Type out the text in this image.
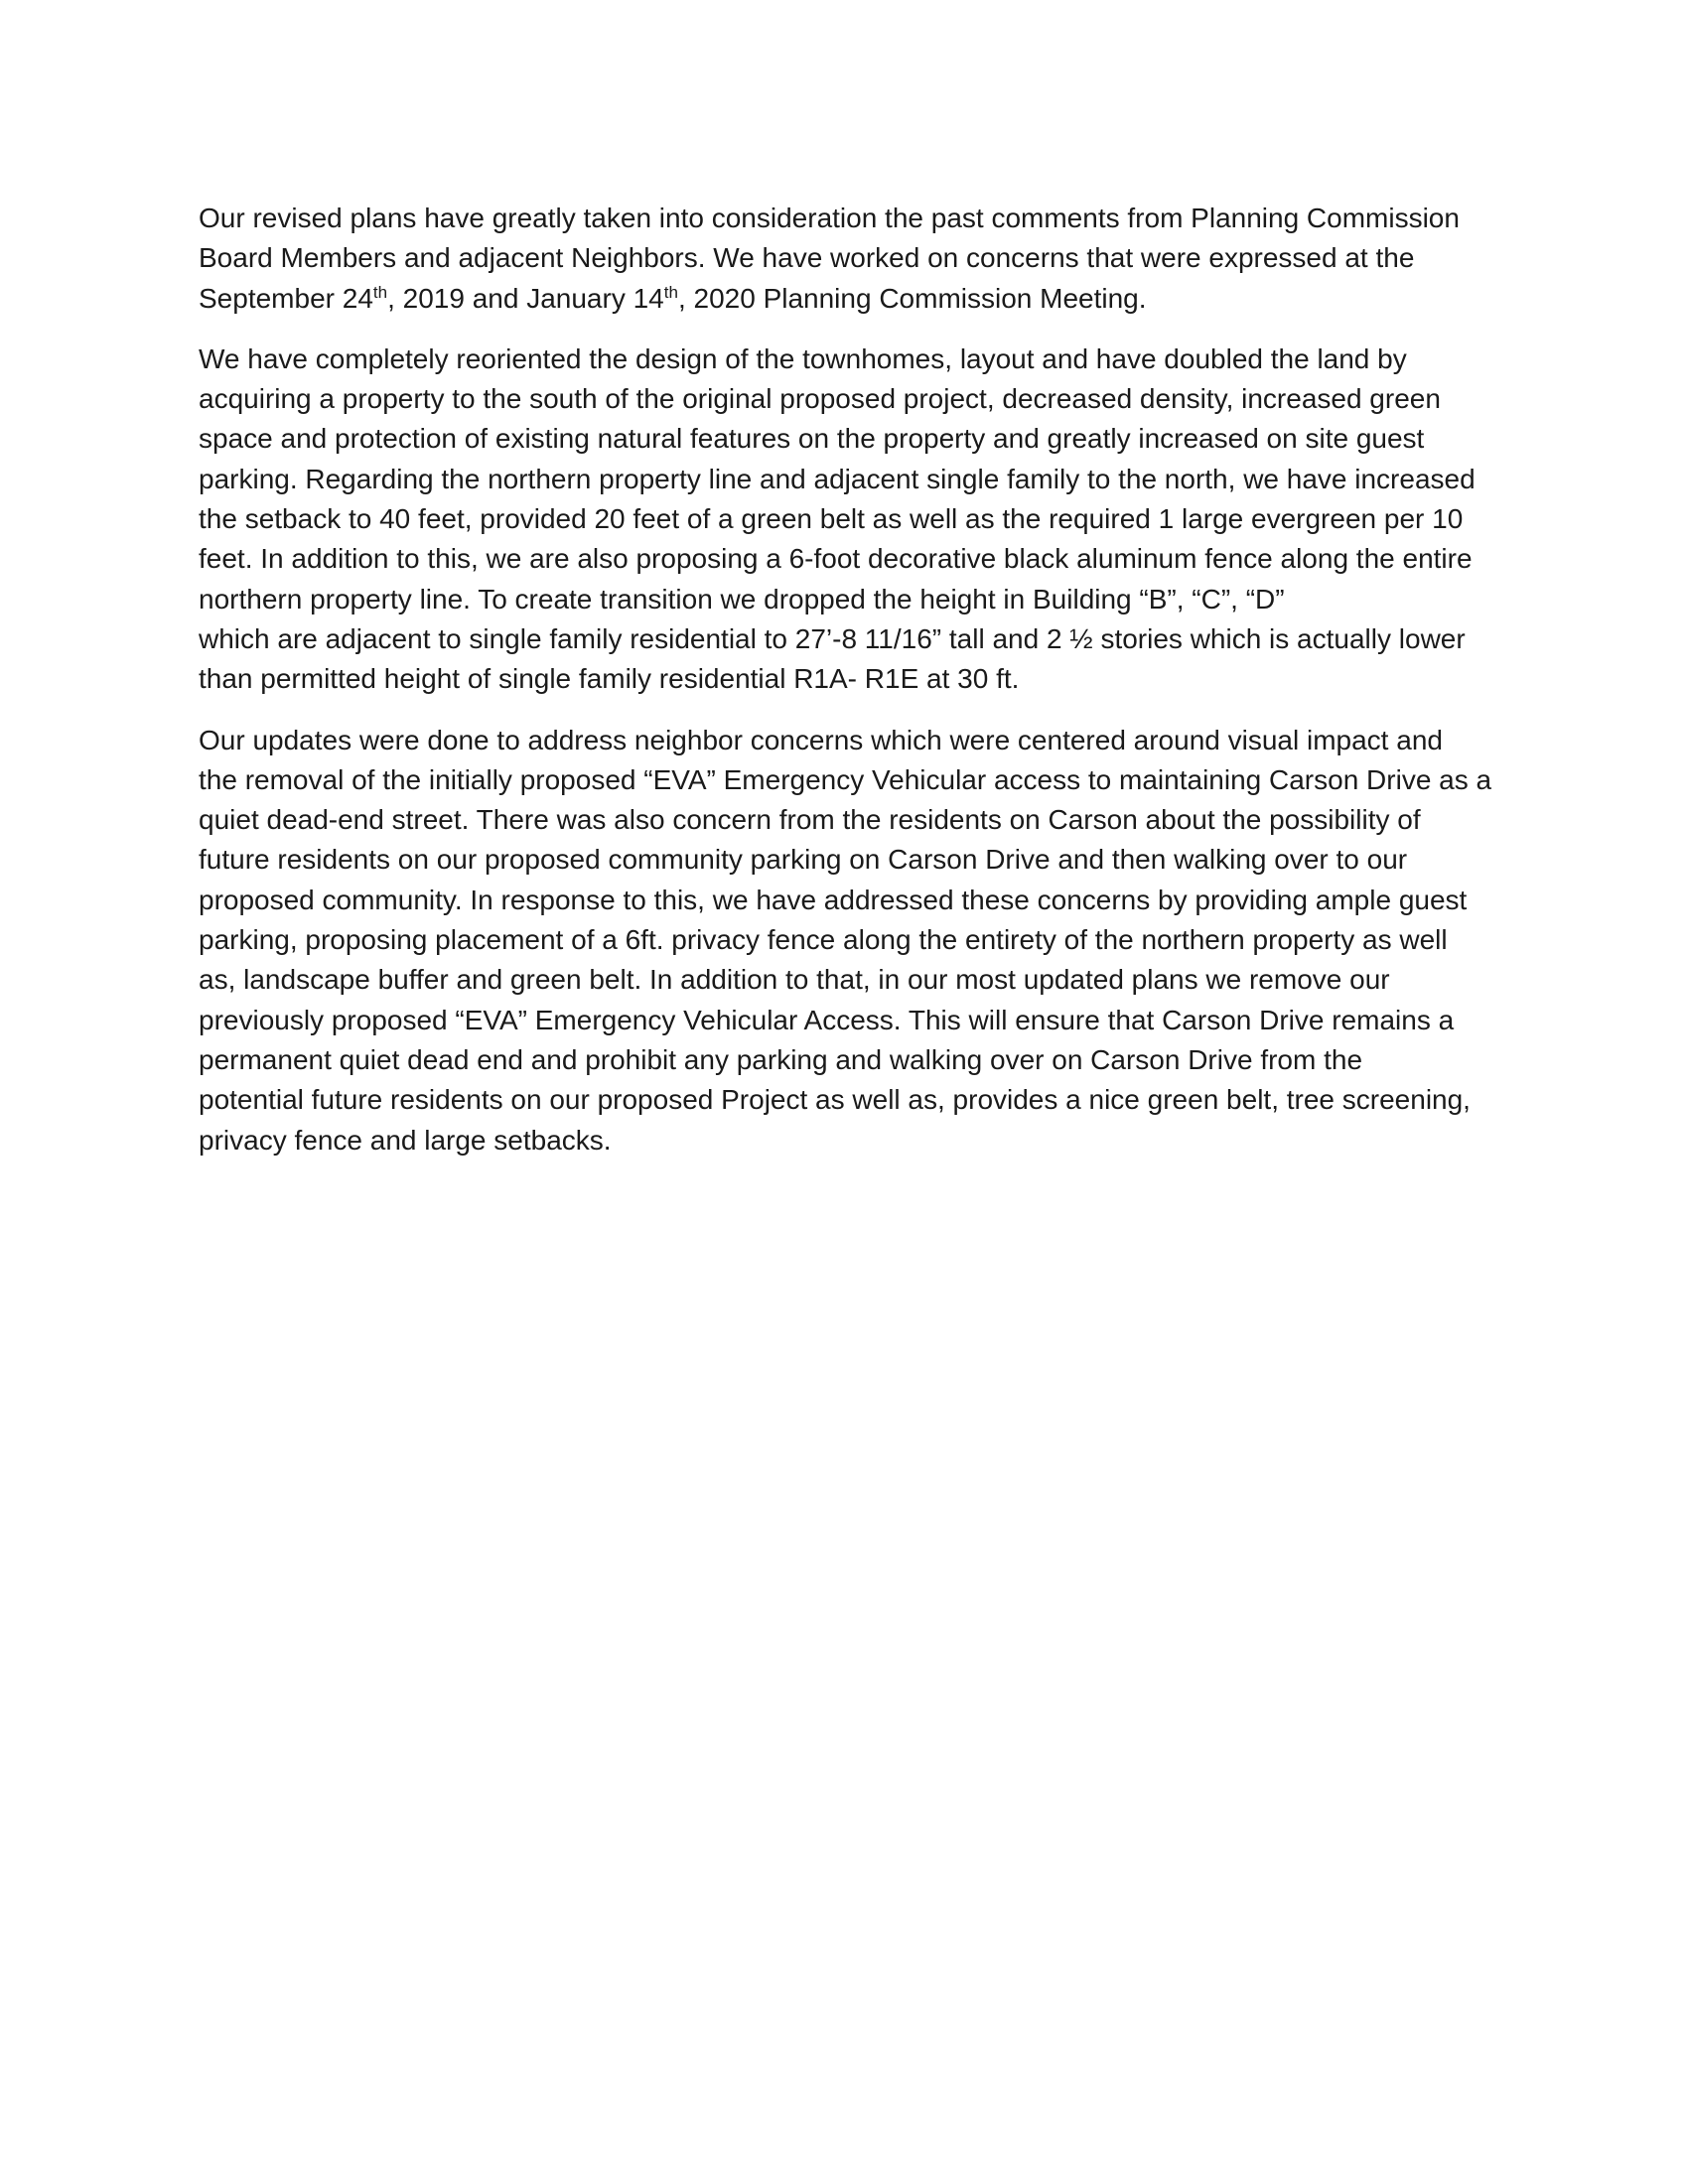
Our revised plans have greatly taken into consideration the past comments from Planning Commission
Board Members and adjacent Neighbors. We have worked on concerns that were expressed at the
September 24th, 2019 and January 14th, 2020 Planning Commission Meeting.

We have completely reoriented the design of the townhomes, layout and have doubled the land by
acquiring a property to the south of the original proposed project, decreased density, increased green
space and protection of existing natural features on the property and greatly increased on site guest
parking. Regarding the northern property line and adjacent single family to the north, we have increased
the setback to 40 feet, provided 20 feet of a green belt as well as the required 1 large evergreen per 10
feet. In addition to this, we are also proposing a 6-foot decorative black aluminum fence along the entire
northern property line. To create transition we dropped the height in Building “B”, “C”, “D”
which are adjacent to single family residential to 27’-8 11/16” tall and 2 ½ stories which is actually lower
than permitted height of single family residential R1A- R1E at 30 ft.

Our updates were done to address neighbor concerns which were centered around visual impact and
the removal of the initially proposed “EVA” Emergency Vehicular access to maintaining Carson Drive as a
quiet dead-end street. There was also concern from the residents on Carson about the possibility of
future residents on our proposed community parking on Carson Drive and then walking over to our
proposed community. In response to this, we have addressed these concerns by providing ample guest
parking, proposing placement of a 6ft. privacy fence along the entirety of the northern property as well
as, landscape buffer and green belt. In addition to that, in our most updated plans we remove our
previously proposed “EVA” Emergency Vehicular Access. This will ensure that Carson Drive remains a
permanent quiet dead end and prohibit any parking and walking over on Carson Drive from the
potential future residents on our proposed Project as well as, provides a nice green belt, tree screening,
privacy fence and large setbacks.
